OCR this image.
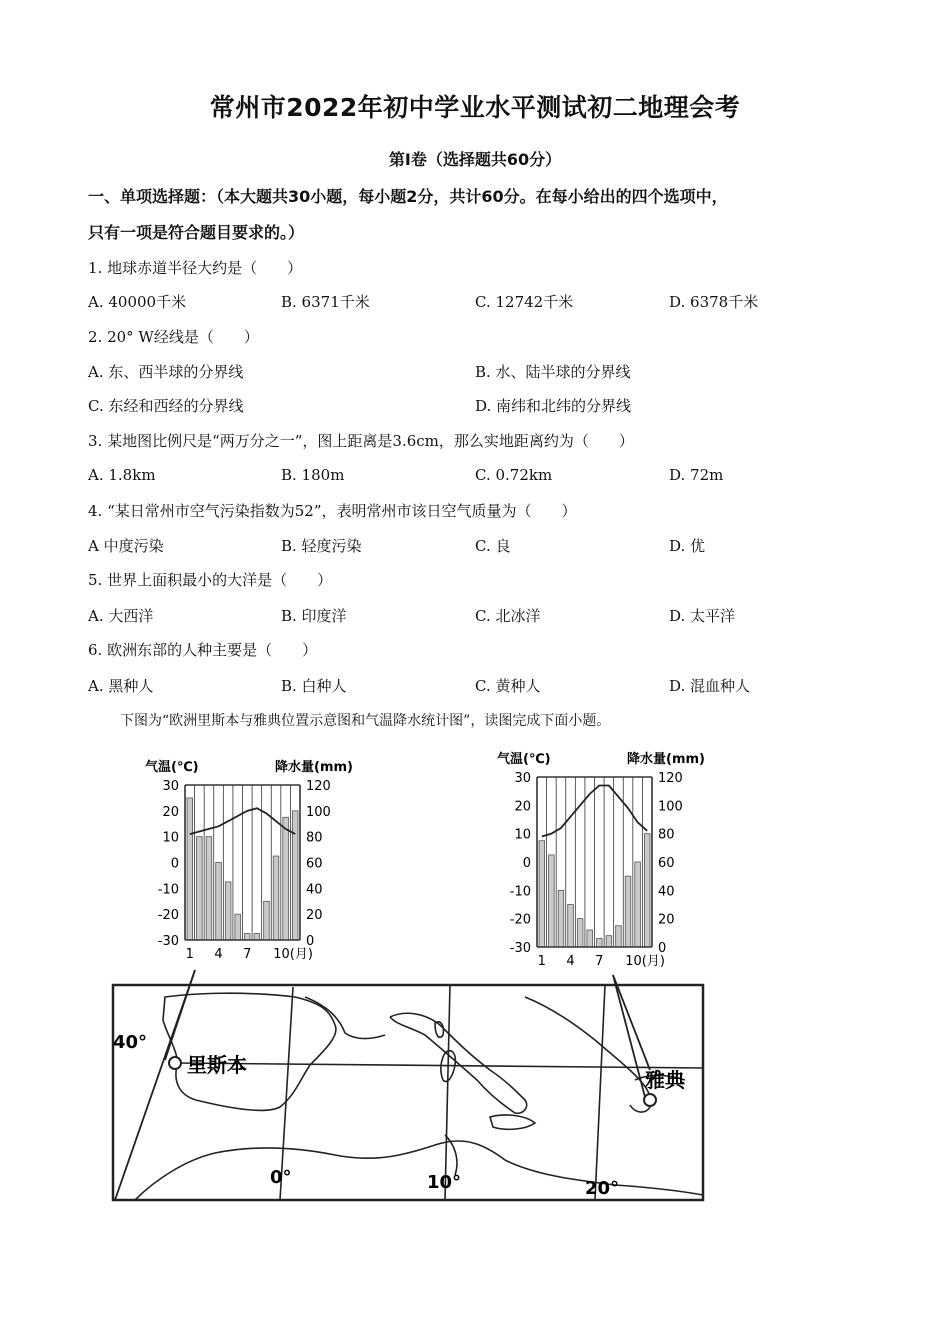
常州市2022年初中学业水平测试初二地理会考
第Ⅰ卷（选择题共60分）
一、单项选择题：（本大题共30小题，每小题2分，共计60分。在每小给出的四个选项中，
只有一项是符合题目要求的。）
1. 地球赤道半径大约是（　　）
A. 40000千米	B. 6371千米	C. 12742千米	D. 6378千米
2. 20° W经线是（　　）
A. 东、西半球的分界线	B. 水、陆半球的分界线
C. 东经和西经的分界线	D. 南纬和北纬的分界线
3. 某地图比例尺是“两万分之一”，图上距离是3.6cm，那么实地距离约为（　　）
A. 1.8km	B. 180m	C. 0.72km	D. 72m
4. “某日常州市空气污染指数为52”，表明常州市该日空气质量为（　　）
A 中度污染	B. 轻度污染	C. 良	D. 优
5. 世界上面积最小的大洋是（　　）
A. 大西洋	B. 印度洋	C. 北冰洋	D. 太平洋
6. 欧洲东部的人种主要是（　　）
A. 黑种人	B. 白种人	C. 黄种人	D. 混血种人
下图为“欧洲里斯本与雅典位置示意图和气温降水统计图”，读图完成下面小题。
气温(℃)	降水量(mm)
30
20
10
0
-10
-20
-30
120
100
80
60
40
20
0
1 4 7 10(月)
气温(℃)	降水量(mm)
30
20
10
0
-10
-20
-30
120
100
80
60
40
20
0
1 4 7 10(月)
里斯本
雅典
40°
0°	10°	20°
